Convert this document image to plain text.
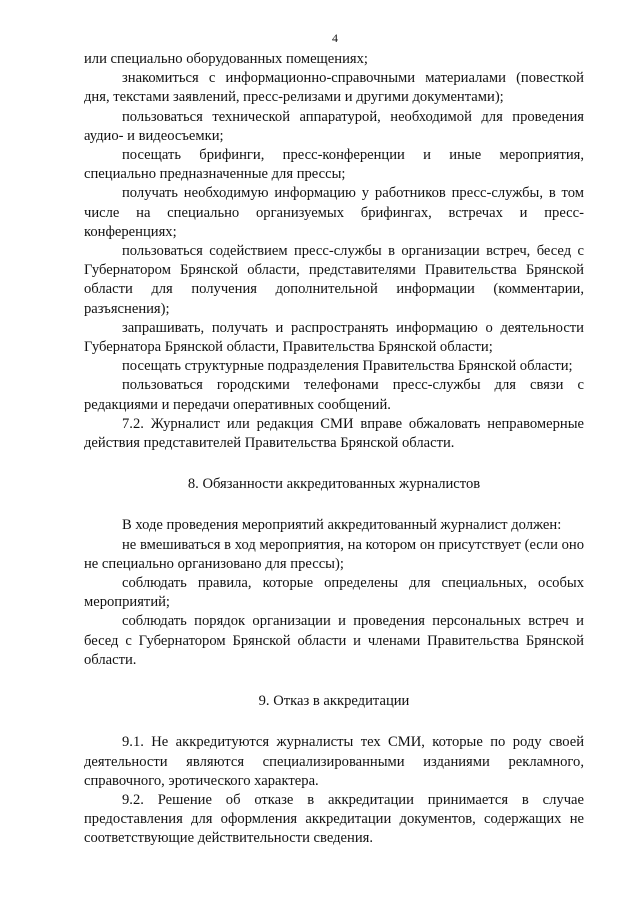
4

или специально оборудованных помещениях;

знакомиться с информационно-справочными материалами (повесткой дня, текстами заявлений, пресс-релизами и другими документами);

пользоваться технической аппаратурой, необходимой для проведения аудио- и видеосъемки;

посещать брифинги, пресс-конференции и иные мероприятия, специально предназначенные для прессы;

получать необходимую информацию у работников пресс-службы, в том числе на специально организуемых брифингах, встречах и пресс-конференциях;

пользоваться содействием пресс-службы в организации встреч, бесед с Губернатором Брянской области, представителями Правительства Брянской области для получения дополнительной информации (комментарии, разъяснения);

запрашивать, получать и распространять информацию о деятельности Губернатора Брянской области, Правительства Брянской области;

посещать структурные подразделения Правительства Брянской области;

пользоваться городскими телефонами пресс-службы для связи с редакциями и передачи оперативных сообщений.

7.2. Журналист или редакция СМИ вправе обжаловать неправомерные действия представителей Правительства Брянской области.

8. Обязанности аккредитованных журналистов

В ходе проведения мероприятий аккредитованный журналист должен:

не вмешиваться в ход мероприятия, на котором он присутствует (если оно не специально организовано для прессы);

соблюдать правила, которые определены для специальных, особых мероприятий;

соблюдать порядок организации и проведения персональных встреч и бесед с Губернатором Брянской области и членами Правительства Брянской области.

9. Отказ в аккредитации

9.1. Не аккредитуются журналисты тех СМИ, которые по роду своей деятельности являются специализированными изданиями рекламного, справочного, эротического характера.

9.2. Решение об отказе в аккредитации принимается в случае предоставления для оформления аккредитации документов, содержащих не соответствующие действительности сведения.
